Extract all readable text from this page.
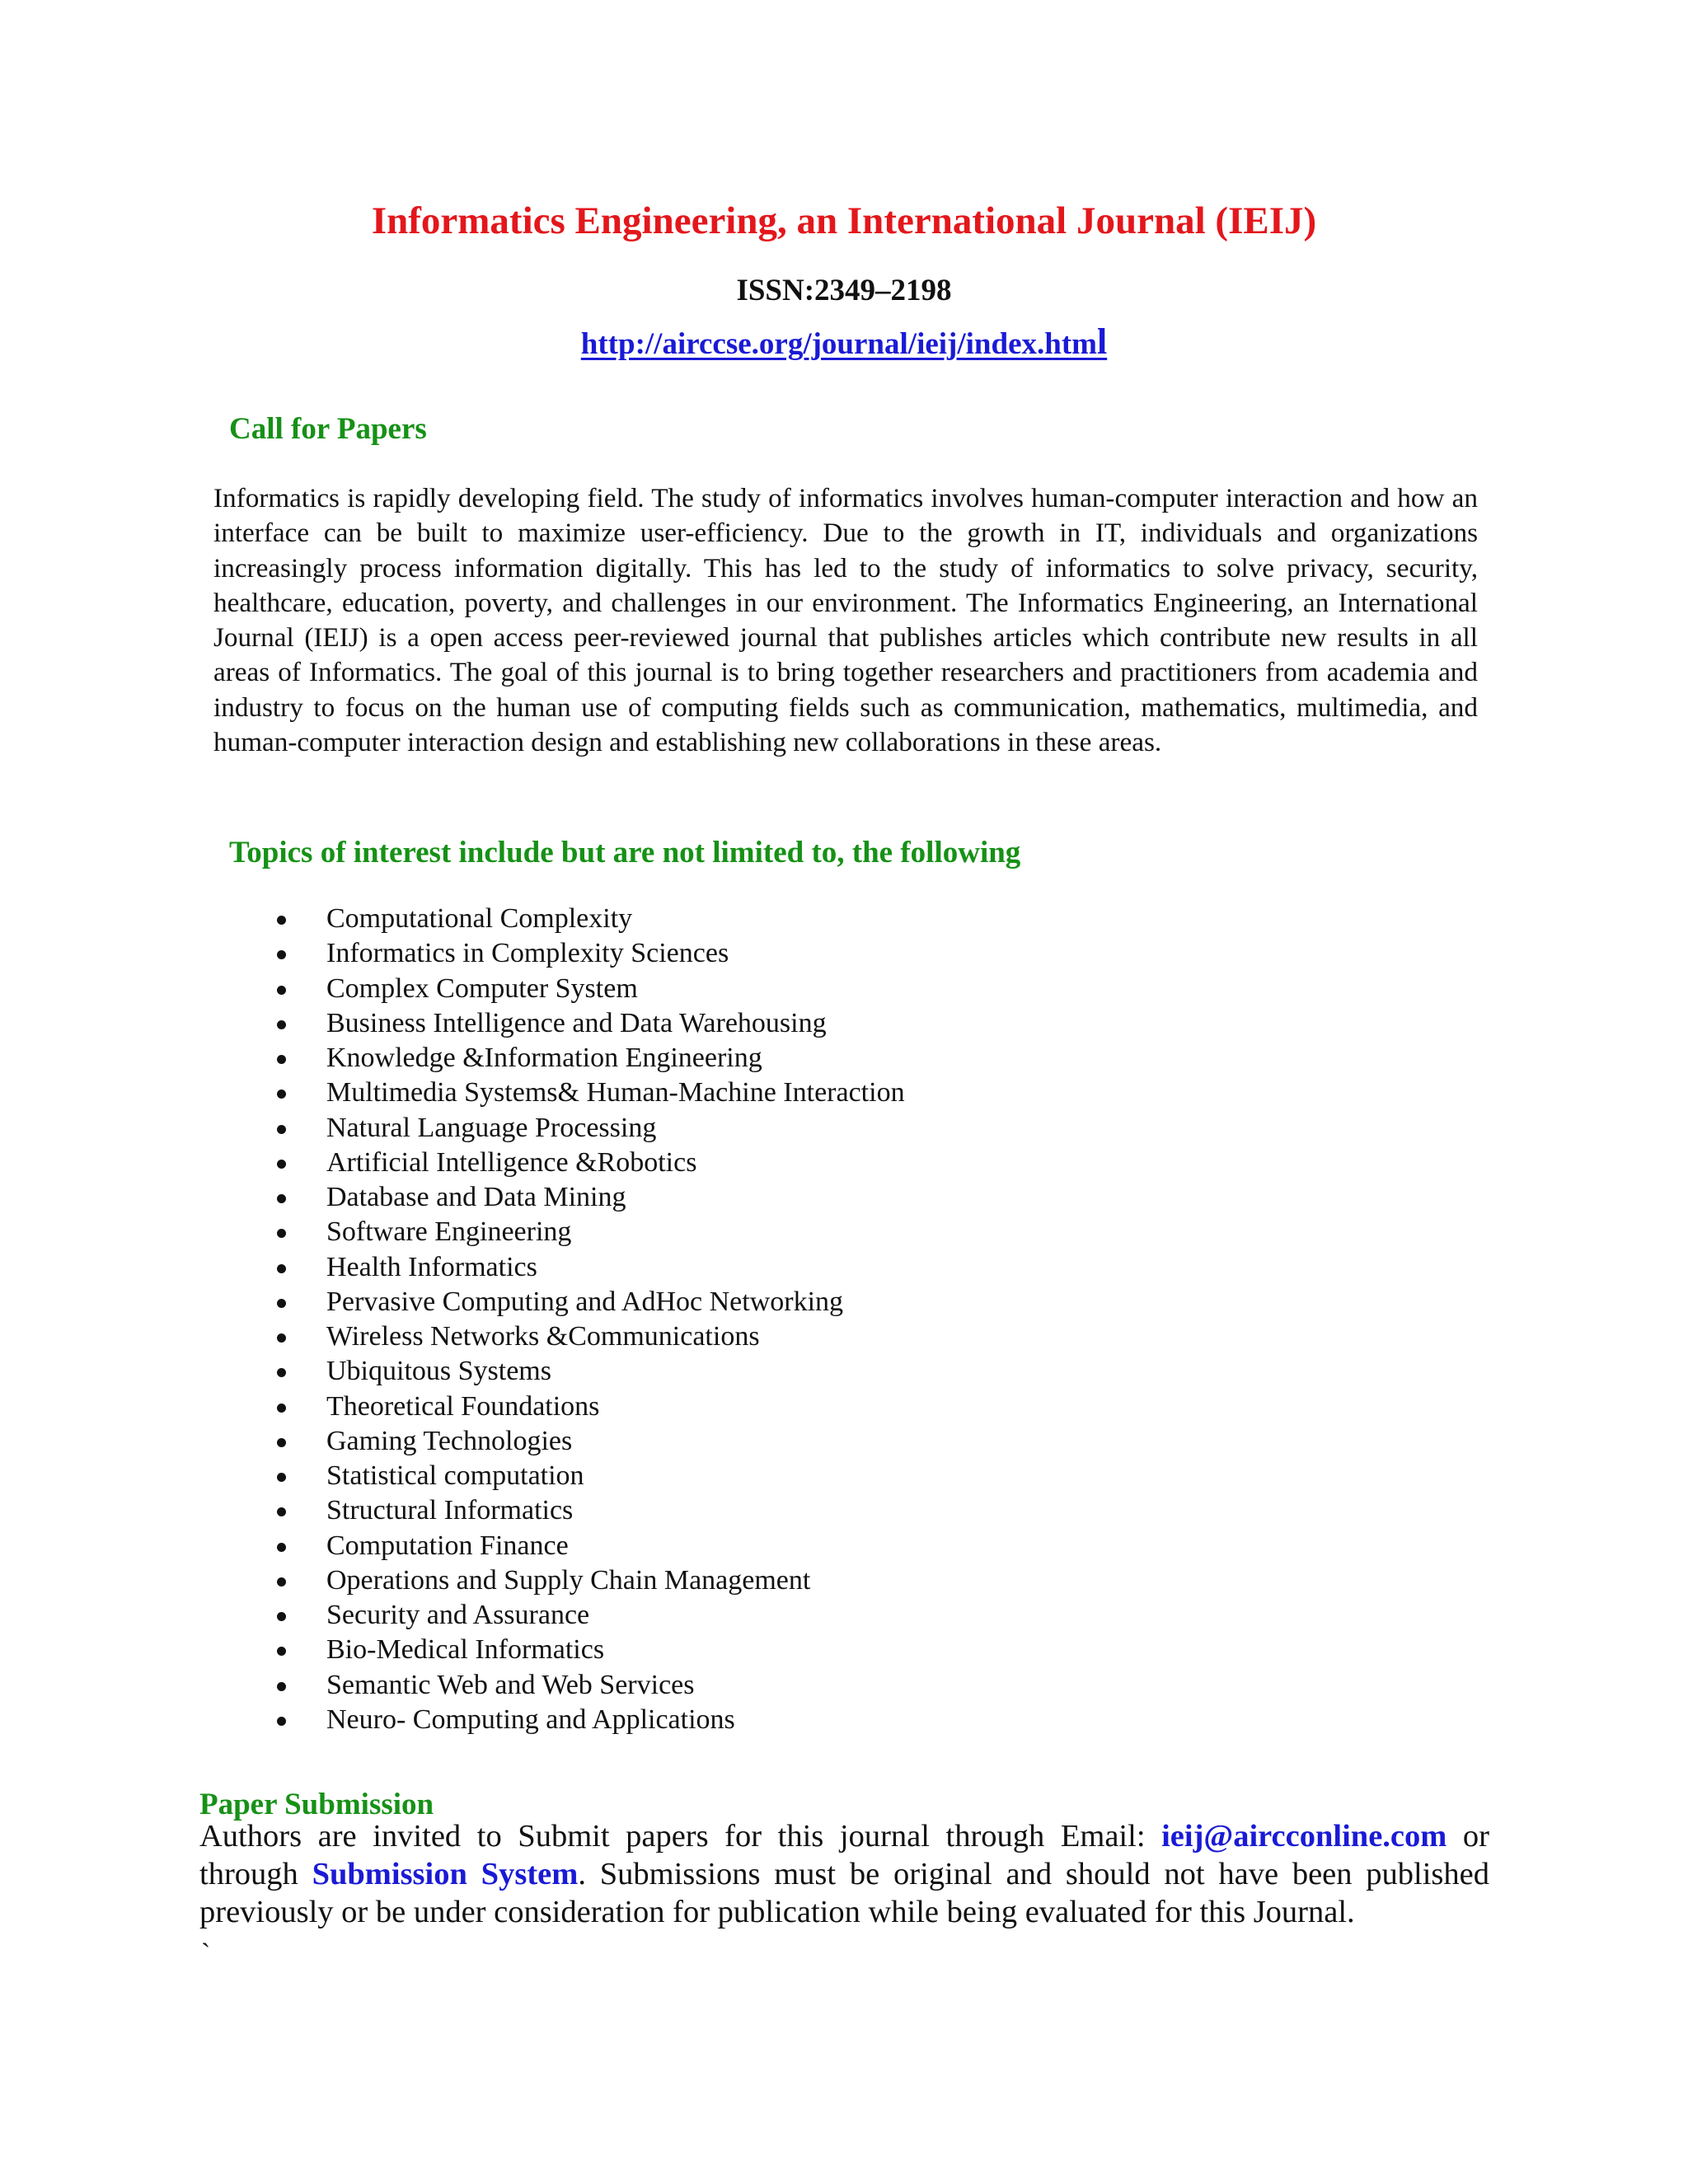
Informatics Engineering, an International Journal (IEIJ)
ISSN:2349–2198
http://airccse.org/journal/ieij/index.html
Call for Papers

Informatics is rapidly developing field. The study of informatics involves human-computer interaction and how an interface can be built to maximize user-efficiency. Due to the growth in IT, individuals and organizations increasingly process information digitally. This has led to the study of informatics to solve privacy, security, healthcare, education, poverty, and challenges in our environment. The Informatics Engineering, an International Journal (IEIJ) is a open access peer-reviewed journal that publishes articles which contribute new results in all areas of Informatics. The goal of this journal is to bring together researchers and practitioners from academia and industry to focus on the human use of computing fields such as communication, mathematics, multimedia, and human-computer interaction design and establishing new collaborations in these areas.

Topics of interest include but are not limited to, the following
Computational Complexity
Informatics in Complexity Sciences
Complex Computer System
Business Intelligence and Data Warehousing
Knowledge &Information Engineering
Multimedia Systems& Human-Machine Interaction
Natural Language Processing
Artificial Intelligence &Robotics
Database and Data Mining
Software Engineering
Health Informatics
Pervasive Computing and AdHoc Networking
Wireless Networks &Communications
Ubiquitous Systems
Theoretical Foundations
Gaming Technologies
Statistical computation
Structural Informatics
Computation Finance
Operations and Supply Chain Management
Security and Assurance
Bio-Medical Informatics
Semantic Web and Web Services
Neuro- Computing and Applications
Paper Submission

Authors are invited to Submit papers for this journal through Email: ieij@aircconline.com or through Submission System. Submissions must be original and should not have been published previously or be under consideration for publication while being evaluated for this Journal.

`
